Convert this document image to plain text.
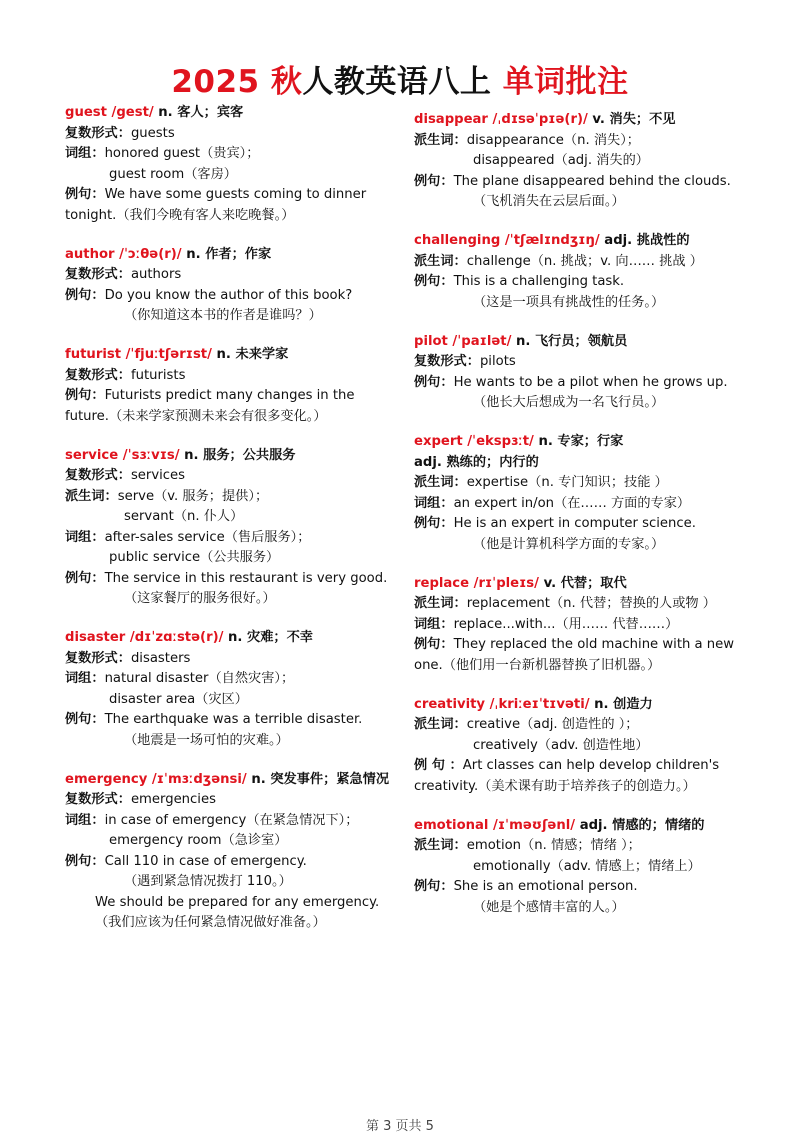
2025 秋人教英语八上 单词批注
guest /gest/ n. 客人；宾客
复数形式：guests
词组：honored guest（贵宾）；
guest room（客房）
例句：We have some guests coming to dinner
tonight.（我们今晚有客人来吃晚餐。）
author /ˈɔːθə(r)/ n. 作者；作家
复数形式：authors
例句：Do you know the author of this book?
（你知道这本书的作者是谁吗？）
futurist /ˈfjuːtʃərɪst/ n. 未来学家
复数形式：futurists
例句：Futurists predict many changes in the
future.（未来学家预测未来会有很多变化。）
service /ˈsɜːvɪs/ n. 服务；公共服务
复数形式：services
派生词：serve（v. 服务；提供）；
servant（n. 仆人）
词组：after-sales service（售后服务）；
public service（公共服务）
例句：The service in this restaurant is very good.
（这家餐厅的服务很好。）
disaster /dɪˈzɑːstə(r)/ n. 灾难；不幸
复数形式：disasters
词组：natural disaster（自然灾害）；
disaster area（灾区）
例句：The earthquake was a terrible disaster.
（地震是一场可怕的灾难。）
emergency /ɪˈmɜːdʒənsi/ n. 突发事件；紧急情况
复数形式：emergencies
词组：in case of emergency（在紧急情况下）；
emergency room（急诊室）
例句：Call 110 in case of emergency.
（遇到紧急情况拨打 110。）
We should be prepared for any emergency.
（我们应该为任何紧急情况做好准备。）
disappear /ˌdɪsəˈpɪə(r)/ v. 消失；不见
派生词：disappearance（n. 消失）；
disappeared（adj. 消失的）
例句：The plane disappeared behind the clouds.
（飞机消失在云层后面。）
challenging /ˈtʃælɪndʒɪŋ/ adj. 挑战性的
派生词：challenge（n. 挑战；v. 向…… 挑战 ）
例句：This is a challenging task.
（这是一项具有挑战性的任务。）
pilot /ˈpaɪlət/ n. 飞行员；领航员
复数形式：pilots
例句：He wants to be a pilot when he grows up.
（他长大后想成为一名飞行员。）
expert /ˈekspɜːt/ n. 专家；行家
adj. 熟练的；内行的
派生词：expertise（n. 专门知识；技能 ）
词组：an expert in/on（在…… 方面的专家）
例句：He is an expert in computer science.
（他是计算机科学方面的专家。）
replace /rɪˈpleɪs/ v. 代替；取代
派生词：replacement（n. 代替；替换的人或物 ）
词组：replace...with...（用…… 代替……）
例句：They replaced the old machine with a new
one.（他们用一台新机器替换了旧机器。）
creativity /ˌkriːeɪˈtɪvəti/ n. 创造力
派生词：creative（adj. 创造性的 ）；
creatively（adv. 创造性地）
例 句 ：Art classes can help develop children's
creativity.（美术课有助于培养孩子的创造力。）
emotional /ɪˈməʊʃənl/ adj. 情感的；情绪的
派生词：emotion（n. 情感；情绪 ）；
emotionally（adv. 情感上；情绪上）
例句：She is an emotional person.
（她是个感情丰富的人。）
第 3 页共 5
